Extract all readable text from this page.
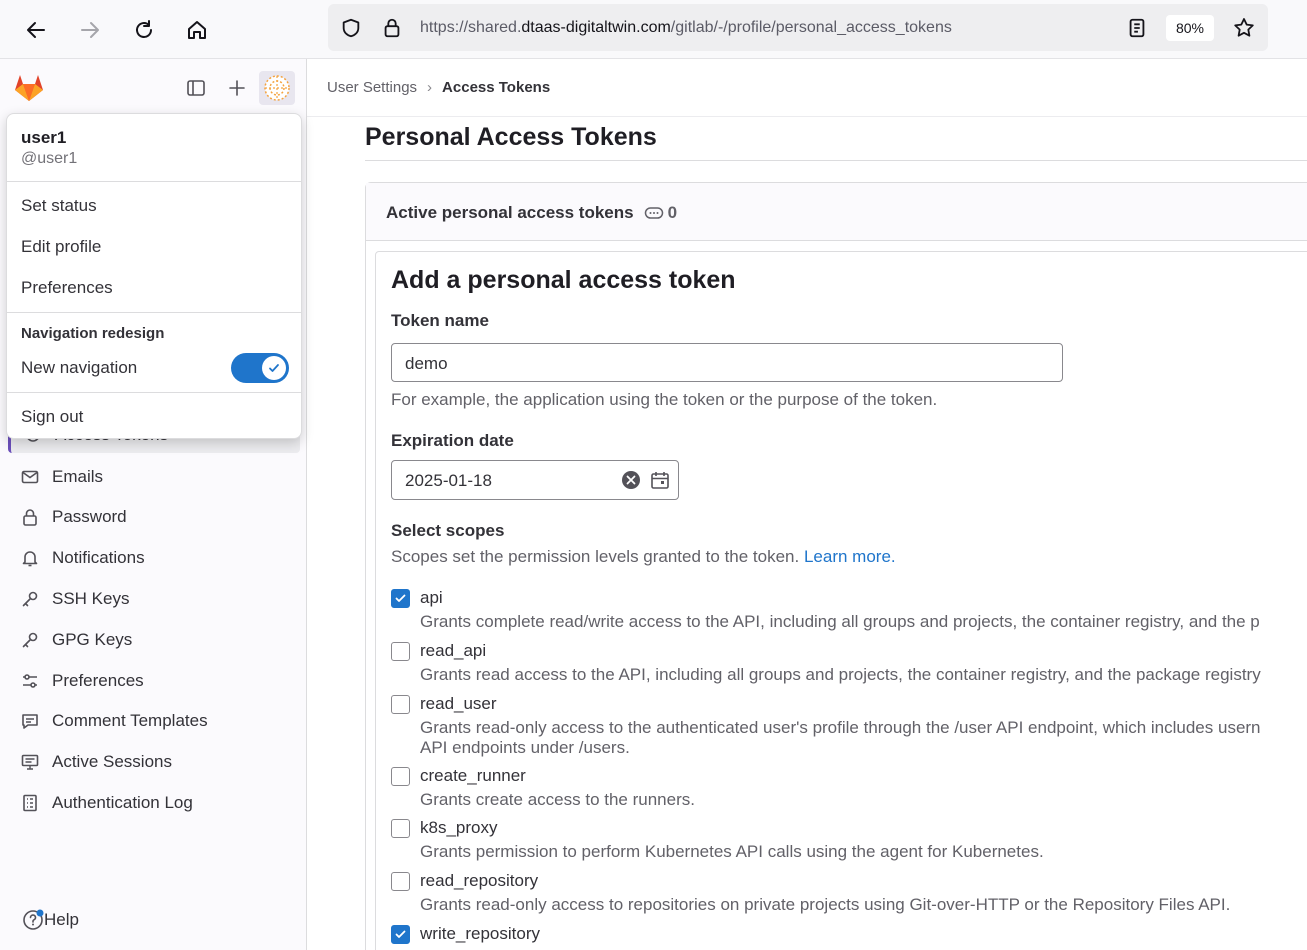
https://shared.dtaas-digitaltwin.com/gitlab/-/profile/personal_access_tokens	80%
Emails
Password
Notifications
SSH Keys
GPG Keys
Preferences
Comment Templates
Active Sessions
Authentication Log
Help
user1
@user1
Set status
Edit profile
Preferences
Navigation redesign
New navigation
Sign out
User Settings › Access Tokens
Personal Access Tokens
Active personal access tokens 0
Add a personal access token
Token name
demo
For example, the application using the token or the purpose of the token.
Expiration date
2025-01-18
Select scopes
Scopes set the permission levels granted to the token. Learn more.
api
Grants complete read/write access to the API, including all groups and projects, the container registry, and the p
read_api
Grants read access to the API, including all groups and projects, the container registry, and the package registry
read_user
Grants read-only access to the authenticated user's profile through the /user API endpoint, which includes usern
API endpoints under /users.
create_runner
Grants create access to the runners.
k8s_proxy
Grants permission to perform Kubernetes API calls using the agent for Kubernetes.
read_repository
Grants read-only access to repositories on private projects using Git-over-HTTP or the Repository Files API.
write_repository
